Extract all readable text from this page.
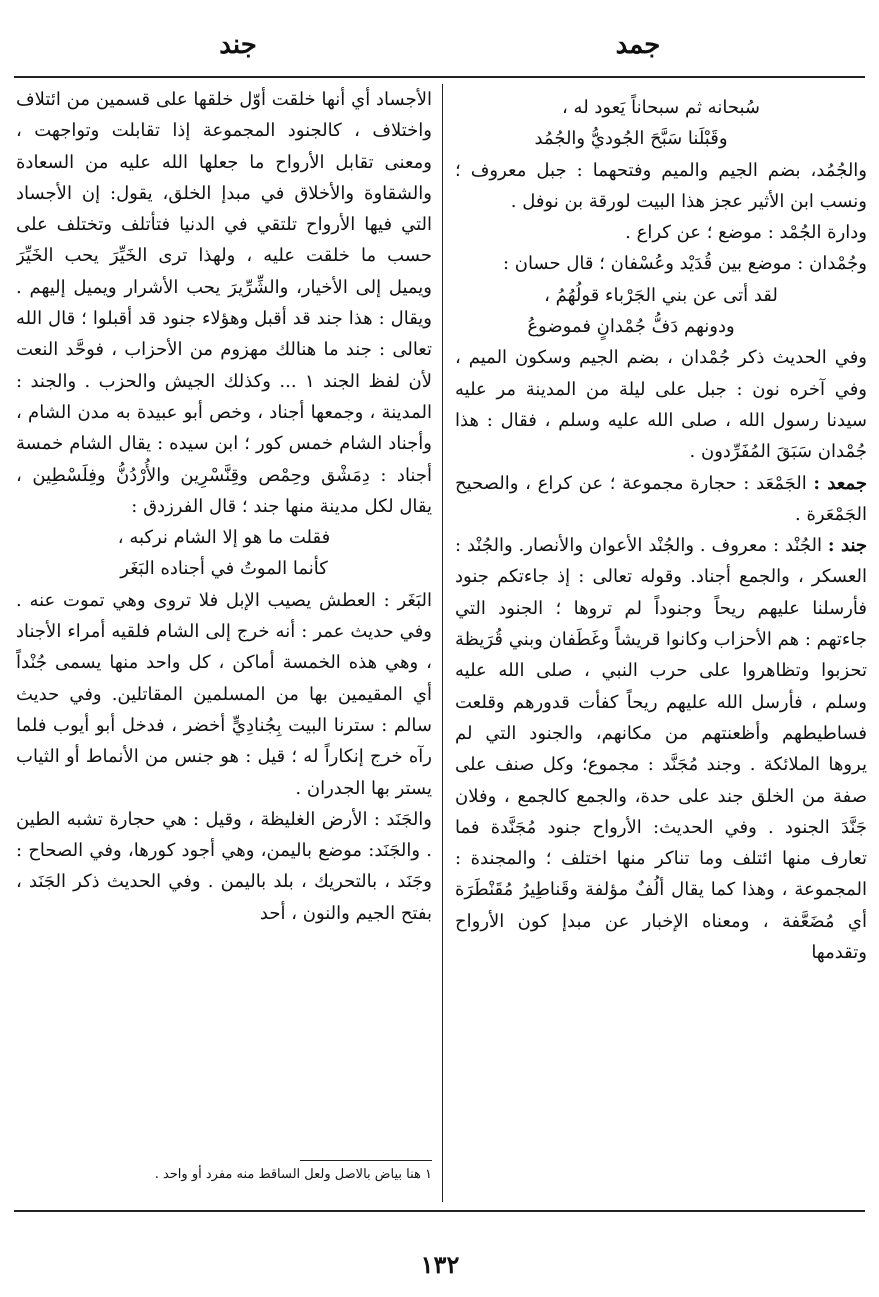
جمد
جند

سُبحانه ثم سبحاناً يَعود له ،

وقَبْلَنا سَبَّحَ الجُوديُّ والجُمُد

والجُمُد، بضم الجيم والميم وفتحهما : جبل معروف ؛ ونسب ابن الأثير عجز هذا البيت لورقة بن نوفل .

ودارة الجُمْد : موضع ؛ عن كراع .

وجُمْدان : موضع بين قُدَيْد وعُسْفان ؛ قال حسان :

لقد أتى عن بني الجَرْباء قولُهُمُ ،

ودونهم دَفُّ جُمْدانٍ فموضوعُ

وفي الحديث ذكر جُمْدان ، بضم الجيم وسكون الميم ، وفي آخره نون : جبل على ليلة من المدينة مر عليه سيدنا رسول الله ، صلى الله عليه وسلم ، فقال : هذا جُمْدان سَبَقَ المُفَرِّدون .

جمعد : الجَمْعَد : حجارة مجموعة ؛ عن كراع ، والصحيح الجَمْعَرة .

جند : الجُنْد : معروف . والجُنْد الأعوان والأنصار. والجُنْد : العسكر ، والجمع أجناد. وقوله تعالى : إذ جاءتكم جنود فأرسلنا عليهم ريحاً وجنوداً لم تروها ؛ الجنود التي جاءتهم : هم الأحزاب وكانوا قريشاً وغَطَفان وبني قُرَيظة تحزبوا وتظاهروا على حرب النبي ، صلى الله عليه وسلم ، فأرسل الله عليهم ريحاً كفأت قدورهم وقلعت فساطيطهم وأظعنتهم من مكانهم، والجنود التي لم يروها الملائكة . وجند مُجَنَّد : مجموع؛ وكل صنف على صفة من الخلق جند على حدة، والجمع كالجمع ، وفلان جَنَّدَ الجنود . وفي الحديث: الأرواح جنود مُجَنَّدة فما تعارف منها ائتلف وما تناكر منها اختلف ؛ والمجندة : المجموعة ، وهذا كما يقال ألُفٌ مؤلفة وقَناطِيرُ مُقَنْطَرَة أي مُضَعَّفة ، ومعناه الإخبار عن مبدإ كون الأرواح وتقدمها

الأجساد أي أنها خلقت أوّل خلقها على قسمين من ائتلاف واختلاف ، كالجنود المجموعة إذا تقابلت وتواجهت ، ومعنى تقابل الأرواح ما جعلها الله عليه من السعادة والشقاوة والأخلاق في مبدإ الخلق، يقول: إن الأجساد التي فيها الأرواح تلتقي في الدنيا فتأتلف وتختلف على حسب ما خلقت عليه ، ولهذا ترى الخَيِّرَ يحب الخَيِّرَ ويميل إلى الأخيار، والشِّرِّيرَ يحب الأشرار ويميل إليهم . ويقال : هذا جند قد أقبل وهؤلاء جنود قد أقبلوا ؛ قال الله تعالى : جند ما هنالك مهزوم من الأحزاب ، فوحَّد النعت لأن لفظ الجند ١ ... وكذلك الجيش والحزب . والجند : المدينة ، وجمعها أجناد ، وخص أبو عبيدة به مدن الشام ، وأجناد الشام خمس كور ؛ ابن سيده : يقال الشام خمسة أجناد : دِمَشْق وحِمْص وقِنَّسْرِين والأُرْدُنُّ وفِلَسْطِين ، يقال لكل مدينة منها جند ؛ قال الفرزدق :

فقلت ما هو إلا الشام نركبه ،

كأنما الموتُ في أجناده البَغَر

البَغَر : العطش يصيب الإبل فلا تروى وهي تموت عنه . وفي حديث عمر : أنه خرج إلى الشام فلقيه أمراء الأجناد ، وهي هذه الخمسة أماكن ، كل واحد منها يسمى جُنْداً أي المقيمين بها من المسلمين المقاتلين. وفي حديث سالم : سترنا البيت بِجُنادِيٍّ أخضر ، فدخل أبو أيوب فلما رآه خرج إنكاراً له ؛ قيل : هو جنس من الأنماط أو الثياب يستر بها الجدران .

والجَنَد : الأرض الغليظة ، وقيل : هي حجارة تشبه الطين . والجَنَد: موضع باليمن، وهي أجود كورها، وفي الصحاح : وجَنَد ، بالتحريك ، بلد باليمن . وفي الحديث ذكر الجَنَد ، بفتح الجيم والنون ، أحد

١ هنا بياض بالاصل ولعل الساقط منه مفرد أو واحد .
١٣٢
